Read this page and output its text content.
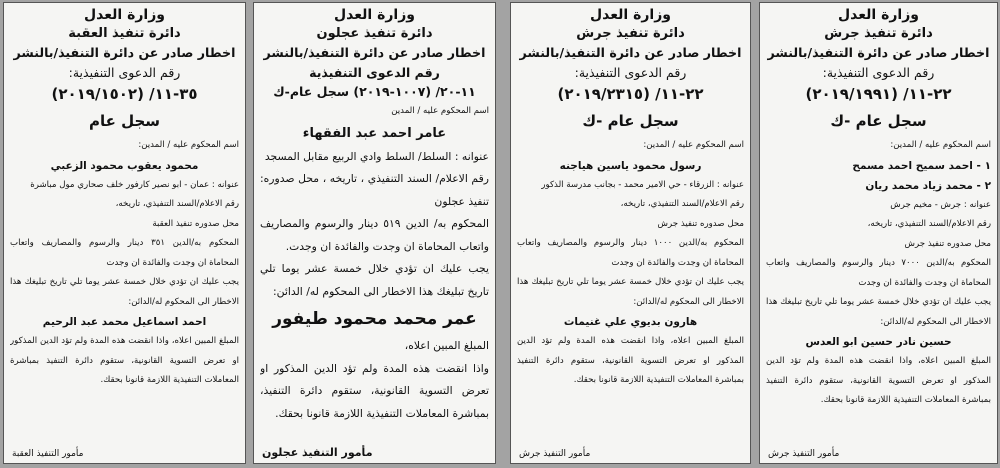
وزارة العدل
دائرة تنفيذ العقبة
اخطار صادر عن دائرة التنفيذ/بالنشر
رقم الدعوى التنفيذية:
٣٥-١١/ (٢٠١٩/١٥٠٢)
سجل عام
اسم المحكوم عليه / المدين:
محمود يعقوب محمود الزعبي
عنوانه : عمان - ابو نصير كارفور خلف صحاري مول مباشرة
رقم الاعلام/السند التنفيذي، تاريخه،
محل صدوره تنفيذ العقبة
المحكوم به/الدين ٣٥١ دينار والرسوم والمصاريف واتعاب المحاماة ان وجدت والفائدة ان وجدت
يجب عليك ان تؤدي خلال خمسة عشر يوما تلي تاريخ تبليغك هذا الاخطار الى المحكوم له/الدائن:
احمد اسماعيل محمد عبد الرحيم
المبلغ المبين اعلاه، واذا انقضت هذه المدة ولم تؤد الدين المذكور او تعرض التسوية القانونية، ستقوم دائرة التنفيذ بمباشرة المعاملات التنفيذية اللازمة قانونا بحقك.
مأمور التنفيذ العقبة
وزارة العدل
دائرة تنفيذ عجلون
اخطار صادر عن دائرة التنفيذ/بالنشر
رقم الدعوى التنفيذية
١١-٢٠/ (١٠٠٧-٢٠١٩) سجل عام-ك
اسم المحكوم عليه / المدين
عامر احمد عبد الفقهاء
عنوانه : السلط/ السلط وادي الربيع مقابل المسجد
رقم الاعلام/ السند التنفيذي ، تاريخه ، محل صدوره: تنفيذ عجلون
المحكوم به/ الدين ٥١٩ دينار والرسوم والمصاريف واتعاب المحاماة ان وجدت والفائدة ان وجدت.
يجب عليك ان تؤدي خلال خمسة عشر يوما تلي تاريخ تبليغك هذا الاخطار الى المحكوم له/ الدائن:
عمر محمد محمود طيفور
المبلغ المبين اعلاه،
واذا انقضت هذه المدة ولم تؤد الدين المذكور او تعرض التسوية القانونية، ستقوم دائرة التنفيذ، بمباشرة المعاملات التنفيذية اللازمة قانونا بحقك.
مأمور التنفيذ عجلون
وزارة العدل
دائرة تنفيذ جرش
اخطار صادر عن دائرة التنفيذ/بالنشر
رقم الدعوى التنفيذية:
٢٢-١١/ (٢٠١٩/٢٣١٥)
سجل عام -ك
اسم المحكوم عليه / المدين:
رسول محمود ياسين هياجنه
عنوانه : الزرقاء - حي الامير محمد - بجانب مدرسة الذكور
رقم الاعلام/السند التنفيذي، تاريخه،
محل صدوره تنفيذ جرش
المحكوم به/الدين ١٠٠٠ دينار والرسوم والمصاريف واتعاب المحاماة ان وجدت والفائدة ان وجدت
يجب عليك ان تؤدي خلال خمسة عشر يوما تلي تاريخ تبليغك هذا الاخطار الى المحكوم له/الدائن:
هارون بديوي علي غنيمات
المبلغ المبين اعلاه، واذا انقضت هذه المدة ولم تؤد الدين المذكور او تعرض التسوية القانونية، ستقوم دائرة التنفيذ بمباشرة المعاملات التنفيذية اللازمة قانونا بحقك.
مأمور التنفيذ جرش
وزارة العدل
دائرة تنفيذ جرش
اخطار صادر عن دائرة التنفيذ/بالنشر
رقم الدعوى التنفيذية:
٢٢-١١/ (٢٠١٩/١٩٩١)
سجل عام -ك
اسم المحكوم عليه / المدين:
١ - احمد سميح احمد مسمح
٢ - محمد زياد محمد ريان
عنوانه : جرش - مخيم جرش
رقم الاعلام/السند التنفيذي، تاريخه،
محل صدوره تنفيذ جرش
المحكوم به/الدين ٧٠٠٠ دينار والرسوم والمصاريف واتعاب المحاماة ان وجدت والفائدة ان وجدت
يجب عليك ان تؤدي خلال خمسة عشر يوما تلي تاريخ تبليغك هذا الاخطار الى المحكوم له/الدائن:
حسين نادر حسين ابو العدس
المبلغ المبين اعلاه، واذا انقضت هذه المدة ولم تؤد الدين المذكور او تعرض التسوية القانونية، ستقوم دائرة التنفيذ بمباشرة المعاملات التنفيذية اللازمة قانونا بحقك.
مأمور التنفيذ جرش
